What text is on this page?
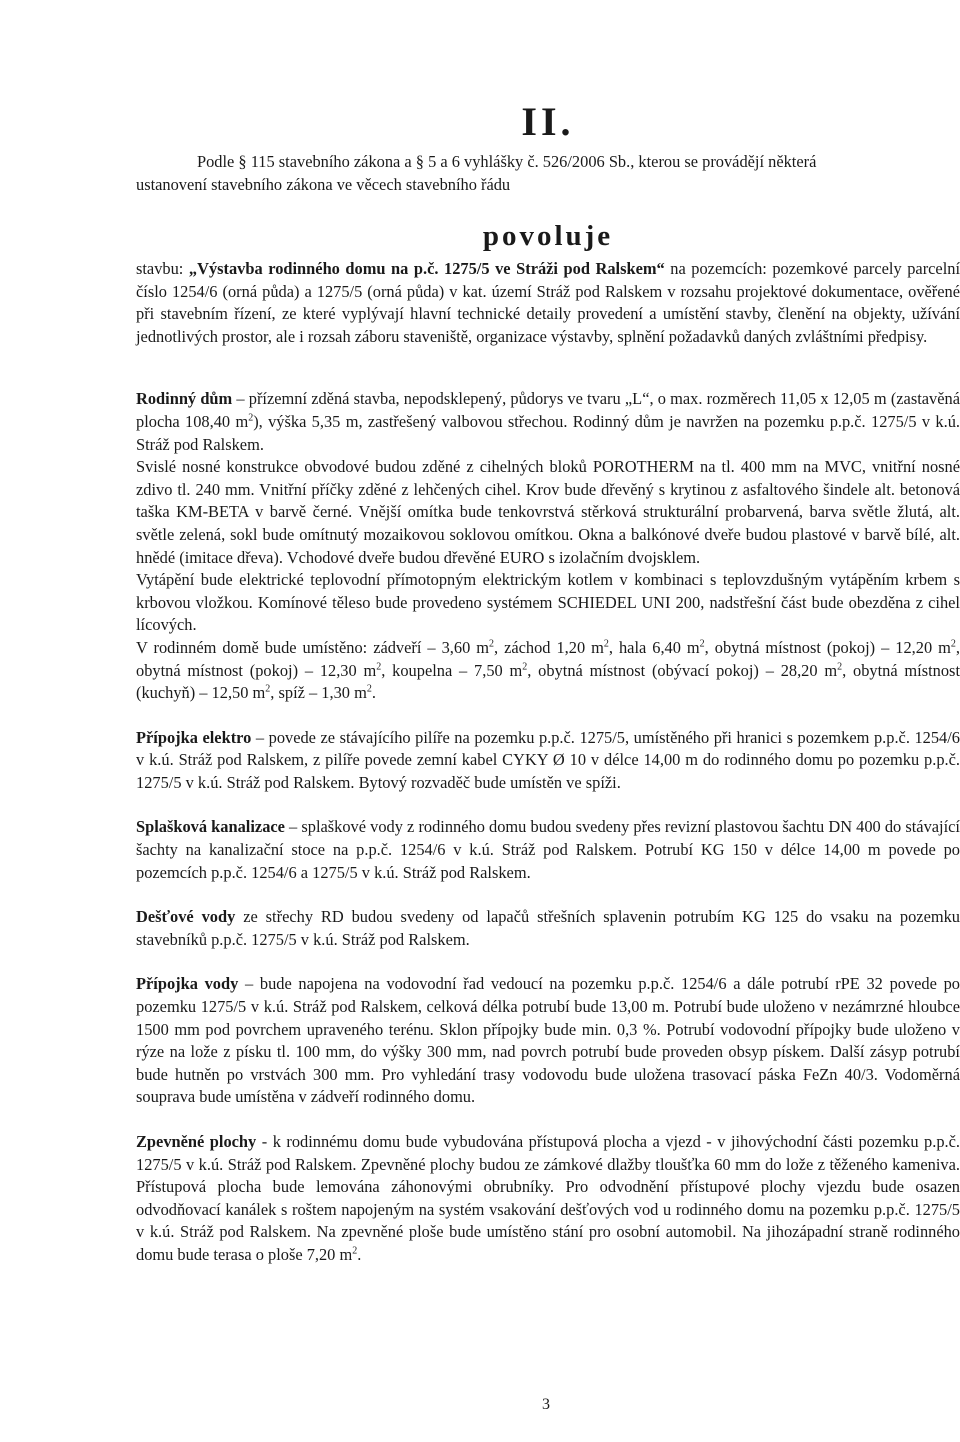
II.
Podle § 115 stavebního zákona a § 5 a 6 vyhlášky č. 526/2006 Sb., kterou se provádějí některá
ustanovení stavebního zákona ve věcech stavebního řádu
povoluje

stavbu: „Výstavba rodinného domu na p.č. 1275/5 ve Stráži pod Ralskem“ na pozemcích: pozemkové parcely parcelní číslo 1254/6 (orná půda) a 1275/5 (orná půda) v kat. území Stráž pod Ralskem v rozsahu projektové dokumentace, ověřené při stavebním řízení, ze které vyplývají hlavní technické detaily provedení a umístění stavby, členění na objekty, užívání jednotlivých prostor, ale i rozsah záboru staveniště, organizace výstavby, splnění požadavků daných zvláštními předpisy.

Rodinný dům – přízemní zděná stavba, nepodsklepený, půdorys ve tvaru „L“, o max. rozměrech 11,05 x 12,05 m (zastavěná plocha 108,40 $m^2$), výška 5,35 m, zastřešený valbovou střechou. Rodinný dům je navržen na pozemku p.p.č. 1275/5 v k.ú. Stráž pod Ralskem.

Svislé nosné konstrukce obvodové budou zděné z cihelných bloků POROTHERM na tl. 400 mm na MVC, vnitřní nosné zdivo tl. 240 mm. Vnitřní příčky zděné z lehčených cihel. Krov bude dřevěný s krytinou z asfaltového šindele alt. betonová taška KM-BETA v barvě černé. Vnější omítka bude tenkovrstvá stěrková strukturální probarvená, barva světle žlutá, alt. světle zelená, sokl bude omítnutý mozaikovou soklovou omítkou. Okna a balkónové dveře budou plastové v barvě bílé, alt. hnědé (imitace dřeva). Vchodové dveře budou dřevěné EURO s izolačním dvojsklem.

Vytápění bude elektrické teplovodní přímotopným elektrickým kotlem v kombinaci s teplovzdušným vytápěním krbem s krbovou vložkou. Komínové těleso bude provedeno systémem SCHIEDEL UNI 200, nadstřešní část bude obezděna z cihel lícových.

V rodinném domě bude umístěno: zádveří – 3,60 $m^2$, záchod 1,20 $m^2$, hala 6,40 $m^2$, obytná místnost (pokoj) – 12,20 $m^2$, obytná místnost (pokoj) – 12,30 $m^2$, koupelna – 7,50 $m^2$, obytná místnost (obývací pokoj) – 28,20 $m^2$, obytná místnost (kuchyň) – 12,50 $m^2$, spíž – 1,30 $m^2$.

Přípojka elektro – povede ze stávajícího pilíře na pozemku p.p.č. 1275/5, umístěného při hranici s pozemkem p.p.č. 1254/6 v k.ú. Stráž pod Ralskem, z pilíře povede zemní kabel CYKY Ø 10 v délce 14,00 m do rodinného domu po pozemku p.p.č. 1275/5 v k.ú. Stráž pod Ralskem. Bytový rozvaděč bude umístěn ve spíži.

Splašková kanalizace – splaškové vody z rodinného domu budou svedeny přes revizní plastovou šachtu DN 400 do stávající šachty na kanalizační stoce na p.p.č. 1254/6 v k.ú. Stráž pod Ralskem. Potrubí KG 150 v délce 14,00 m povede po pozemcích p.p.č. 1254/6 a 1275/5 v k.ú. Stráž pod Ralskem.

Dešťové vody ze střechy RD budou svedeny od lapačů střešních splavenin potrubím KG 125 do vsaku na pozemku stavebníků p.p.č. 1275/5 v k.ú. Stráž pod Ralskem.

Přípojka vody – bude napojena na vodovodní řad vedoucí na pozemku p.p.č. 1254/6 a dále potrubí rPE 32 povede po pozemku 1275/5 v k.ú. Stráž pod Ralskem, celková délka potrubí bude 13,00 m. Potrubí bude uloženo v nezámrzné hloubce 1500 mm pod povrchem upraveného terénu. Sklon přípojky bude min. 0,3 %. Potrubí vodovodní přípojky bude uloženo v rýze na lože z písku tl. 100 mm, do výšky 300 mm, nad povrch potrubí bude proveden obsyp pískem. Další zásyp potrubí bude hutněn po vrstvách 300 mm. Pro vyhledání trasy vodovodu bude uložena trasovací páska FeZn 40/3. Vodoměrná souprava bude umístěna v zádveří rodinného domu.

Zpevněné plochy - k rodinnému domu bude vybudována přístupová plocha a vjezd - v jihovýchodní části pozemku p.p.č. 1275/5 v k.ú. Stráž pod Ralskem. Zpevněné plochy budou ze zámkové dlažby tloušťka 60 mm do lože z těženého kameniva. Přístupová plocha bude lemována záhonovými obrubníky. Pro odvodnění přístupové plochy vjezdu bude osazen odvodňovací kanálek s roštem napojeným na systém vsakování dešťových vod u rodinného domu na pozemku p.p.č. 1275/5 v k.ú. Stráž pod Ralskem. Na zpevněné ploše bude umístěno stání pro osobní automobil. Na jihozápadní straně rodinného domu bude terasa o ploše 7,20 $m^2$.

3
